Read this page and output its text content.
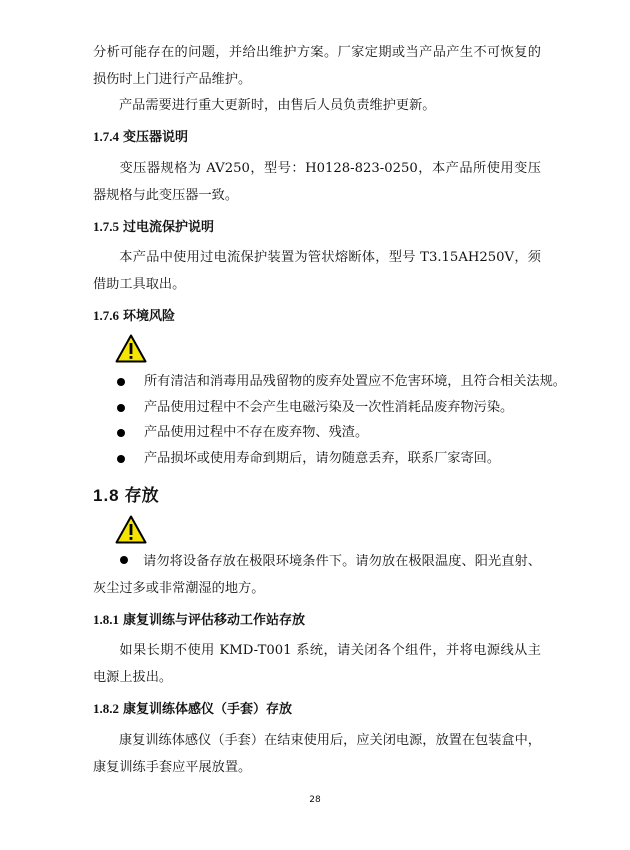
分析可能存在的问题，并给出维护方案。厂家定期或当产品产生不可恢复的损伤时上门进行产品维护。

产品需要进行重大更新时，由售后人员负责维护更新。

1.7.4 变压器说明

变压器规格为 AV250，型号：H0128-823-0250，本产品所使用变压器规格与此变压器一致。

1.7.5 过电流保护说明

本产品中使用过电流保护装置为管状熔断体，型号 T3.15AH250V，须借助工具取出。

1.7.6 环境风险
所有清洁和消毒用品残留物的废弃处置应不危害环境，且符合相关法规。
产品使用过程中不会产生电磁污染及一次性消耗品废弃物污染。
产品使用过程中不存在废弃物、残渣。
产品损坏或使用寿命到期后，请勿随意丢弃，联系厂家寄回。
1.8 存放

请勿将设备存放在极限环境条件下。请勿放在极限温度、阳光直射、灰尘过多或非常潮湿的地方。

1.8.1 康复训练与评估移动工作站存放

如果长期不使用 KMD-T001 系统，请关闭各个组件，并将电源线从主电源上拔出。

1.8.2 康复训练体感仪（手套）存放

康复训练体感仪（手套）在结束使用后，应关闭电源，放置在包装盒中，康复训练手套应平展放置。

28
